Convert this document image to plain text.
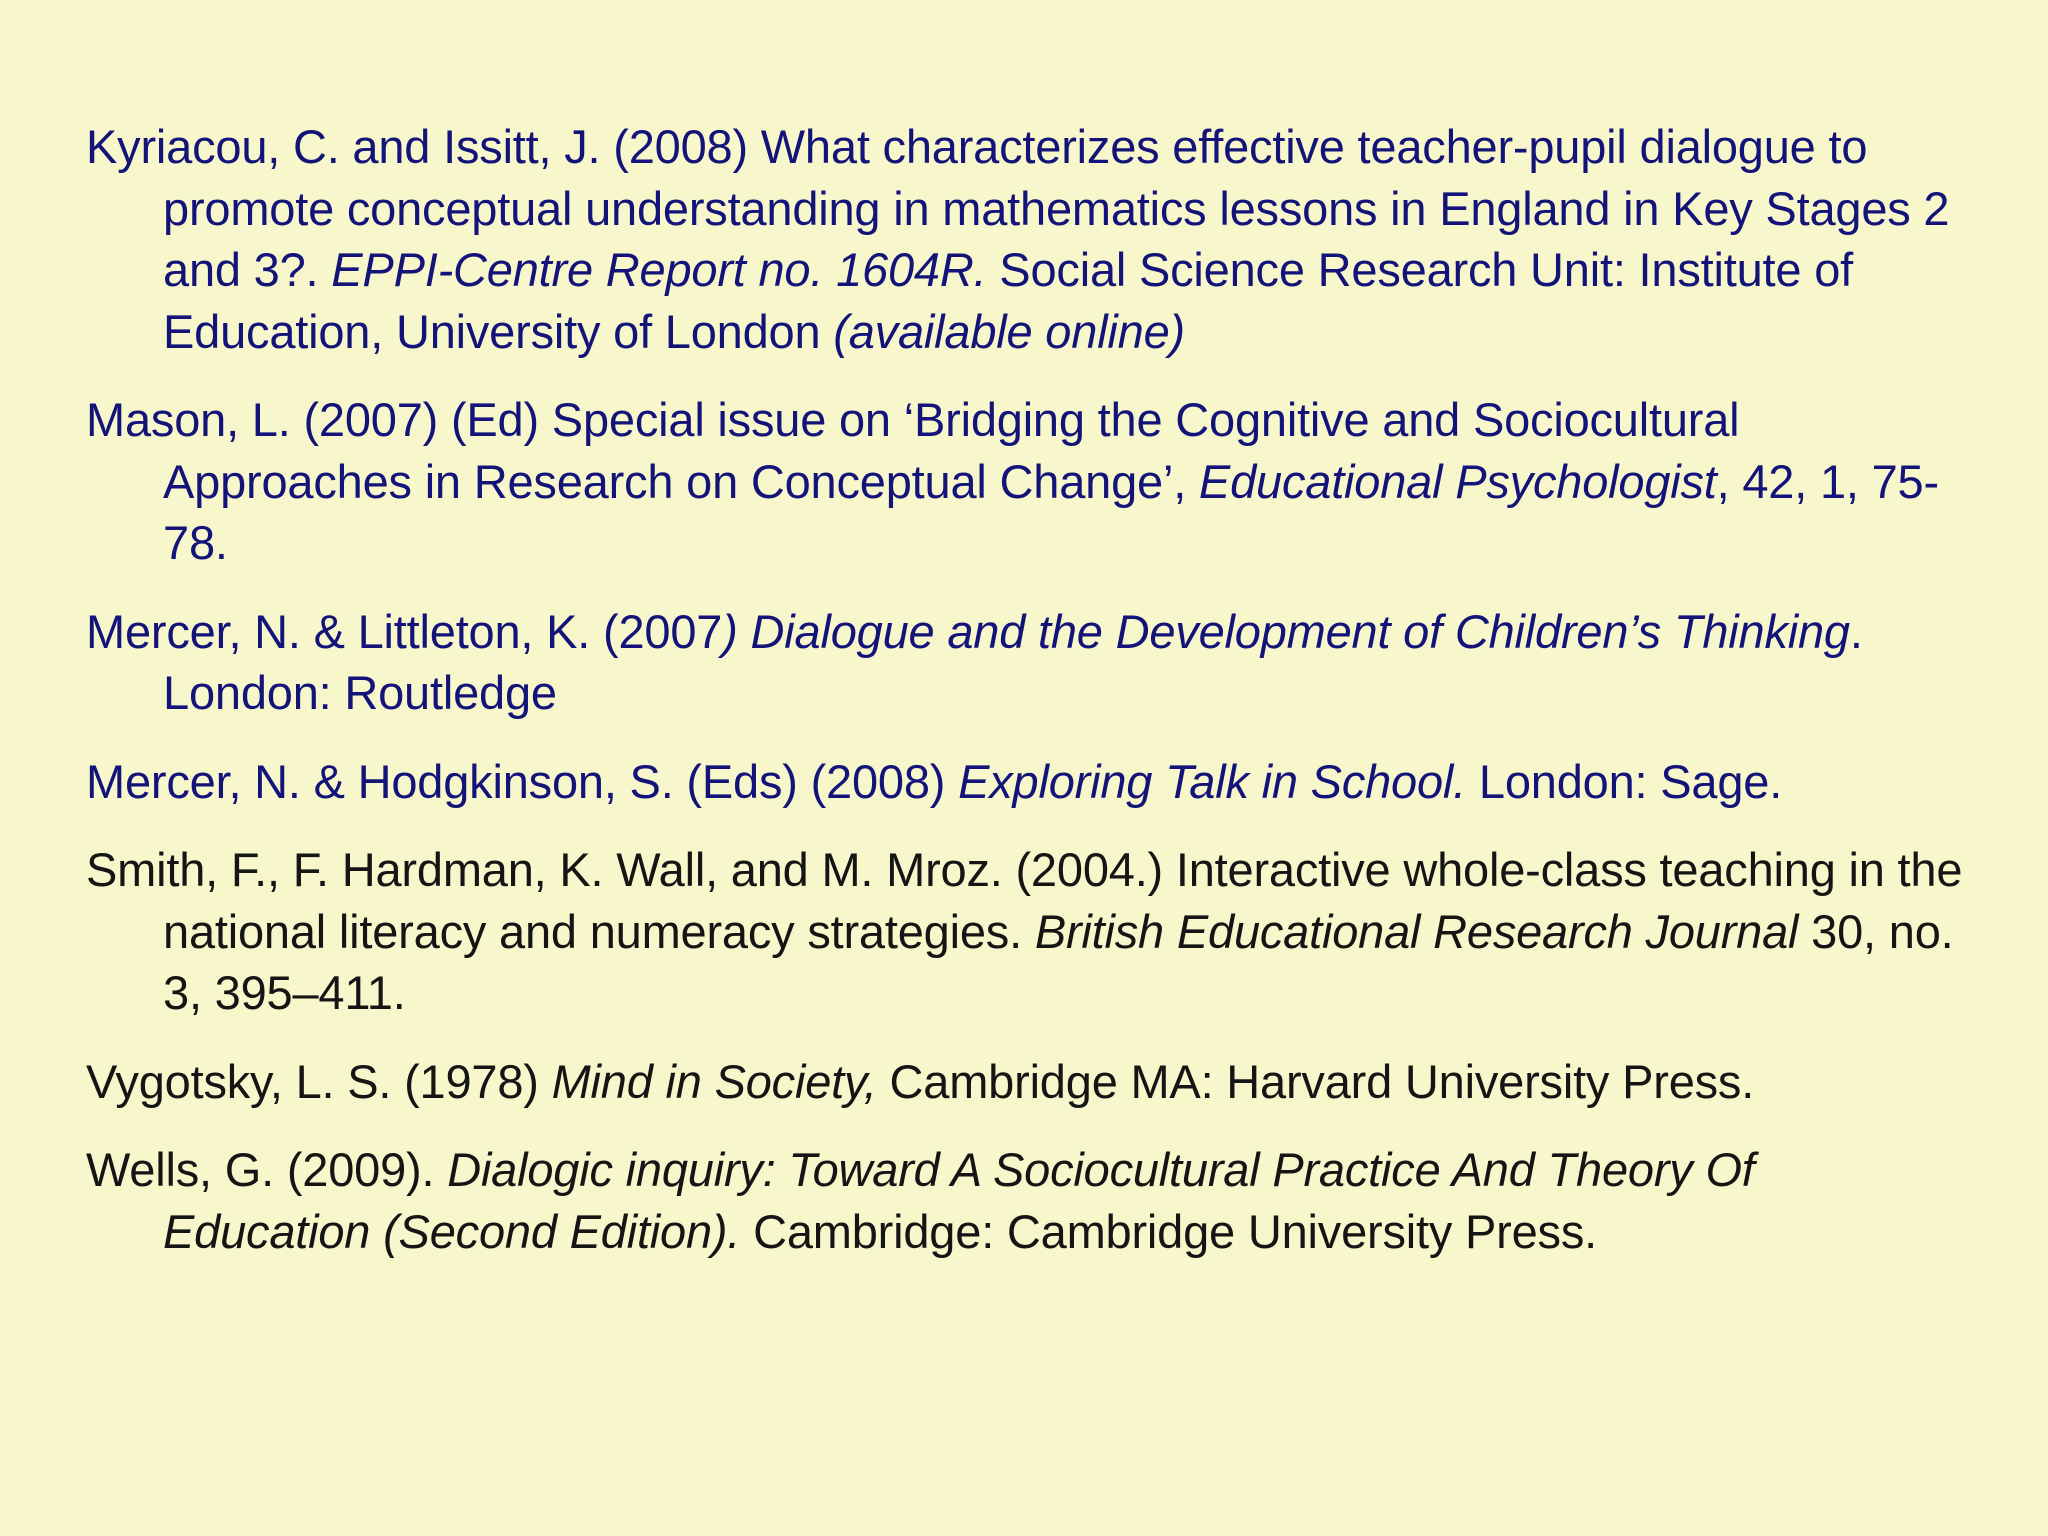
Kyriacou, C. and Issitt, J. (2008) What characterizes effective teacher-pupil dialogue to promote conceptual understanding in mathematics lessons in England in Key Stages 2 and 3?. EPPI-Centre Report no. 1604R. Social Science Research Unit: Institute of Education, University of London (available online)

Mason, L. (2007) (Ed) Special issue on ‘Bridging the Cognitive and Sociocultural Approaches in Research on Conceptual Change’, Educational Psychologist, 42, 1, 75-78.

Mercer, N. & Littleton, K. (2007) Dialogue and the Development of Children’s Thinking. London: Routledge

Mercer, N. & Hodgkinson, S. (Eds) (2008) Exploring Talk in School. London: Sage.

Smith, F., F. Hardman, K. Wall, and M. Mroz. (2004.) Interactive whole-class teaching in the national literacy and numeracy strategies. British Educational Research Journal 30, no. 3, 395–411.

Vygotsky, L. S. (1978) Mind in Society, Cambridge MA: Harvard University Press.

Wells, G. (2009). Dialogic inquiry: Toward A Sociocultural Practice And Theory Of Education (Second Edition). Cambridge: Cambridge University Press.
